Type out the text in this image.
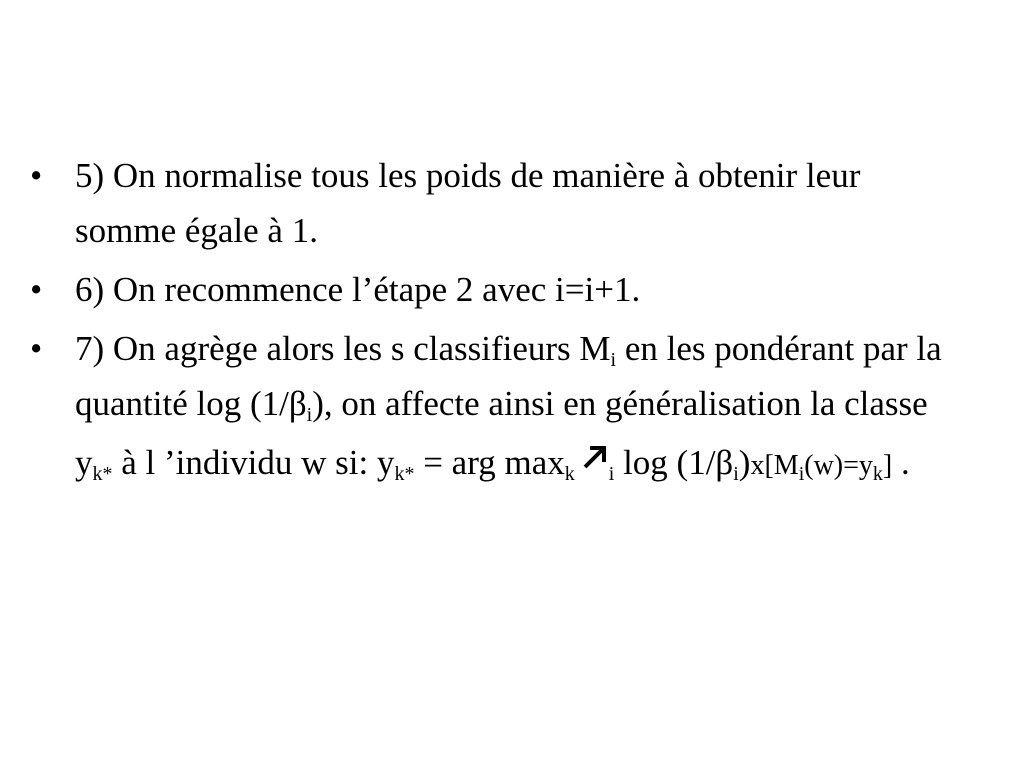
• 5) On normalise tous les poids de manière à obtenir leur somme égale à 1.
• 6) On recommence l’étape 2 avec i=i+1.
• 7) On agrège alors les s classifieurs $M_i$ en les pondérant par la quantité $\log (1/\beta_i)$, on affecte ainsi en généralisation la classe $y_{k*}$ à l ’individu w si: $y_{k*}$ = arg $\max_k _i$ $\log (1/\beta_i)x[M_i(w)=y_k]$ .
